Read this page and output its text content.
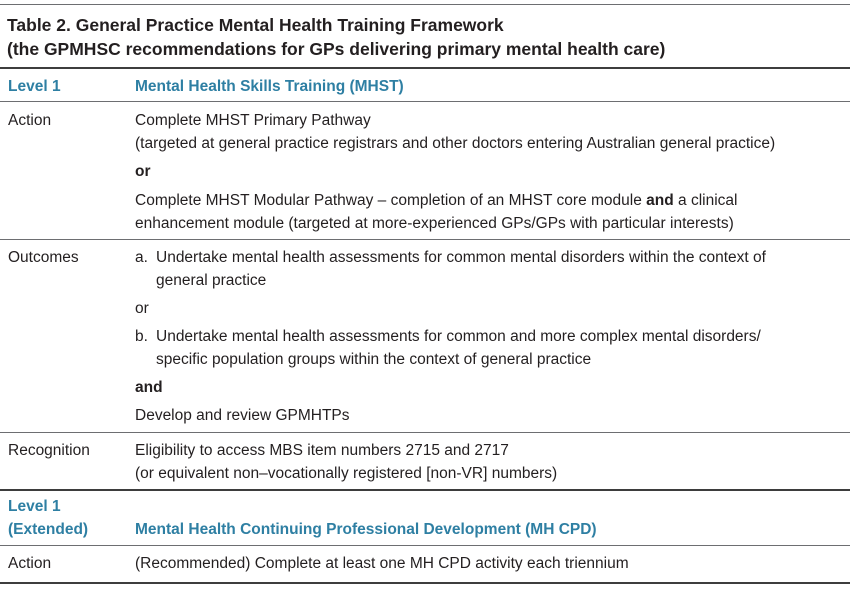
Table 2. General Practice Mental Health Training Framework
(the GPMHSC recommendations for GPs delivering primary mental health care)
Level 1	Mental Health Skills Training (MHST)
Action	Complete MHST Primary Pathway
(targeted at general practice registrars and other doctors entering Australian general practice)
or
Complete MHST Modular Pathway – completion of an MHST core module and a clinical
enhancement module (targeted at more-experienced GPs/GPs with particular interests)
Outcomes	a. Undertake mental health assessments for common mental disorders within the context of
general practice
or
b. Undertake mental health assessments for common and more complex mental disorders/
specific population groups within the context of general practice
and
Develop and review GPMHTPs
Recognition	Eligibility to access MBS item numbers 2715 and 2717
(or equivalent non–vocationally registered [non-VR] numbers)
Level 1
(Extended)	Mental Health Continuing Professional Development (MH CPD)
Action	(Recommended) Complete at least one MH CPD activity each triennium
